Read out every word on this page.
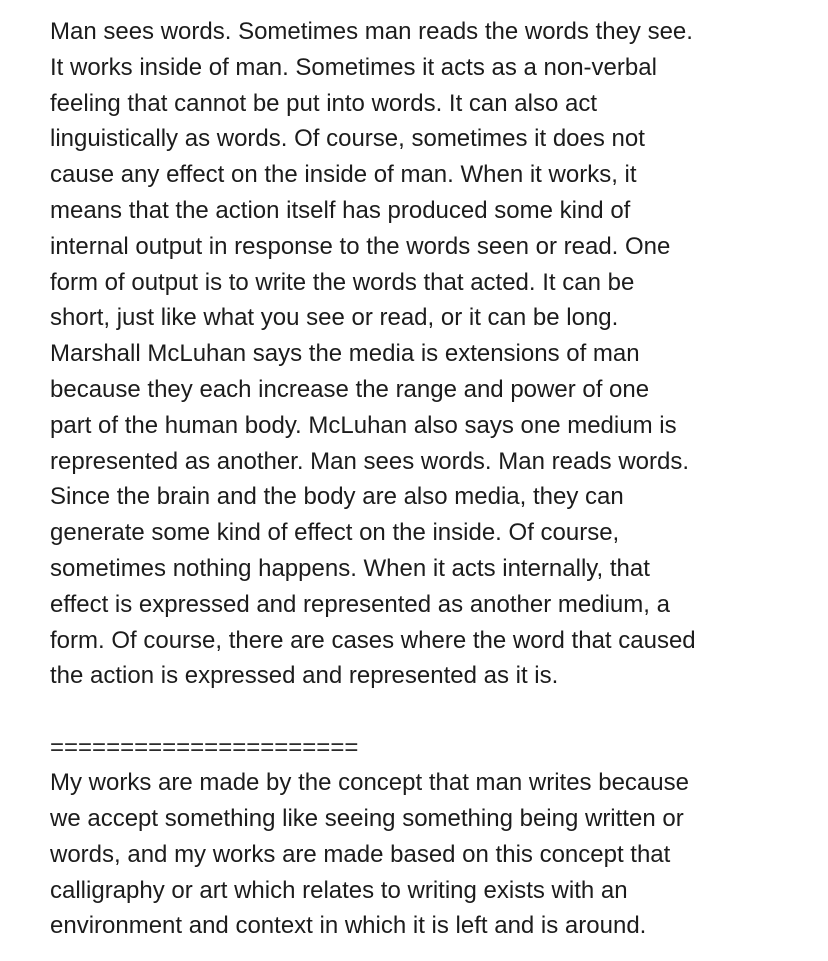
Man sees words. Sometimes man reads the words they see.
It works inside of man. Sometimes it acts as a non-verbal
feeling that cannot be put into words. It can also act
linguistically as words. Of course, sometimes it does not
cause any effect on the inside of man. When it works, it
means that the action itself has produced some kind of
internal output in response to the words seen or read. One
form of output is to write the words that acted. It can be
short, just like what you see or read, or it can be long.
Marshall McLuhan says the media is extensions of man
because they each increase the range and power of one
part of the human body. McLuhan also says one medium is
represented as another. Man sees words. Man reads words.
Since the brain and the body are also media, they can
generate some kind of effect on the inside. Of course,
sometimes nothing happens. When it acts internally, that
effect is expressed and represented as another medium, a
form. Of course, there are cases where the word that caused
the action is expressed and represented as it is.
======================
My works are made by the concept that man writes because
we accept something like seeing something being written or
words, and my works are made based on this concept that
calligraphy or art which relates to writing exists with an
environment and context in which it is left and is around.
